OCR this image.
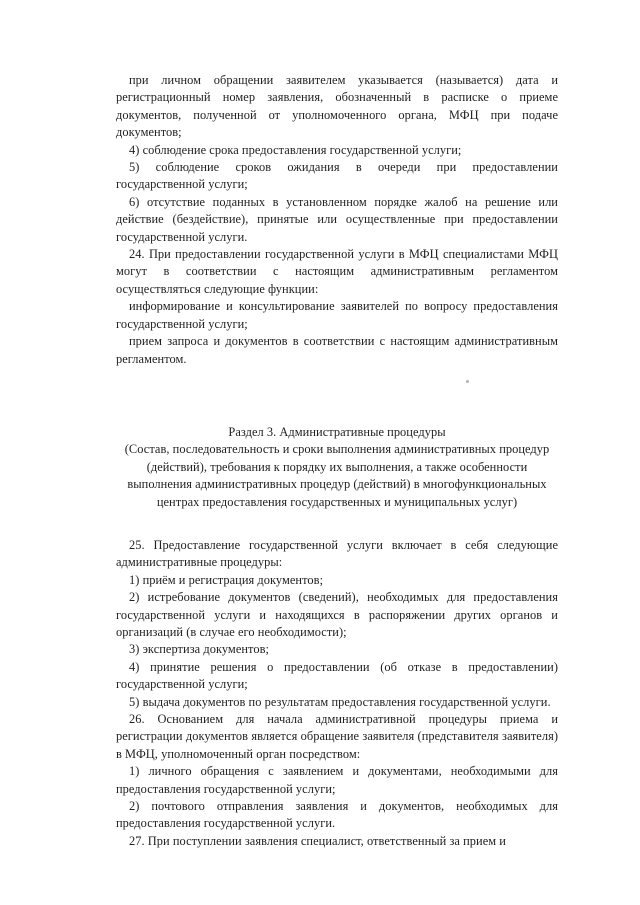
при личном обращении заявителем указывается (называется) дата и регистрационный номер заявления, обозначенный в расписке о приеме документов, полученной от уполномоченного органа, МФЦ при подаче документов;

4) соблюдение срока предоставления государственной услуги;

5) соблюдение сроков ожидания в очереди при предоставлении государственной услуги;

6) отсутствие поданных в установленном порядке жалоб на решение или действие (бездействие), принятые или осуществленные при предоставлении государственной услуги.

24. При предоставлении государственной услуги в МФЦ специалистами МФЦ могут в соответствии с настоящим административным регламентом осуществляться следующие функции:

информирование и консультирование заявителей по вопросу предоставления государственной услуги;

прием запроса и документов в соответствии с настоящим административным регламентом.

Раздел 3. Административные процедуры

(Состав, последовательность и сроки выполнения административных процедур (действий), требования к порядку их выполнения, а также особенности выполнения административных процедур (действий) в многофункциональных центрах предоставления государственных и муниципальных услуг)

25. Предоставление государственной услуги включает в себя следующие административные процедуры:

1) приём и регистрация документов;

2) истребование документов (сведений), необходимых для предоставления государственной услуги и находящихся в распоряжении других органов и организаций (в случае его необходимости);

3) экспертиза документов;

4) принятие решения о предоставлении (об отказе в предоставлении) государственной услуги;

5) выдача документов по результатам предоставления государственной услуги.

26. Основанием для начала административной процедуры приема и регистрации документов является обращение заявителя (представителя заявителя) в МФЦ, уполномоченный орган посредством:

1) личного обращения с заявлением и документами, необходимыми для предоставления государственной услуги;

2) почтового отправления заявления и документов, необходимых для предоставления государственной услуги.

27. При поступлении заявления специалист, ответственный за прием и
